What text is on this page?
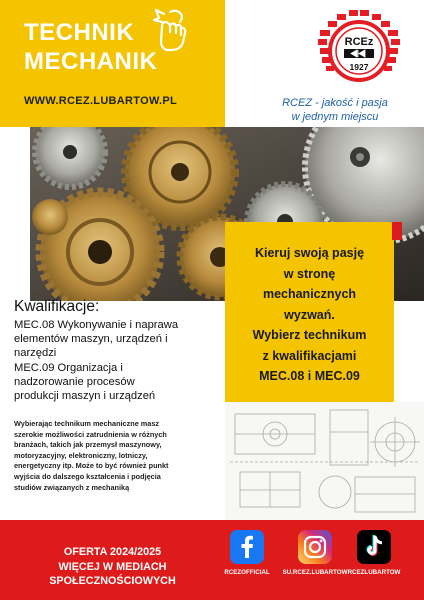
TECHNIK
MECHANIK
WWW.RCEZ.LUBARTOW.PL
RCEz
1927
RCEZ - jakość i pasja
w jednym miejscu
Kieruj swoją pasję
w stronę
mechanicznych
wyzwań.
Wybierz technikum
z kwalifikacjami
MEC.08 i MEC.09
Kwalifikacje:
MEC.08 Wykonywanie i naprawa
elementów maszyn, urządzeń i
narzędzi
MEC.09 Organizacja i
nadzorowanie procesów
produkcji maszyn i urządzeń
Wybierając technikum mechaniczne masz
szerokie możliwości zatrudnienia w różnych
branżach, takich jak przemysł maszynowy,
motoryzacyjny, elektroniczny, lotniczy,
energetyczny itp. Może to być również punkt
wyjścia do dalszego kształcenia i podjęcia
studiów związanych z mechaniką
OFERTA 2024/2025
WIĘCEJ W MEDIACH
SPOŁECZNOŚCIOWYCH
RCEZOFFICIAL	SU.RCEZ.LUBARTOW RCEZLUBARTOW
